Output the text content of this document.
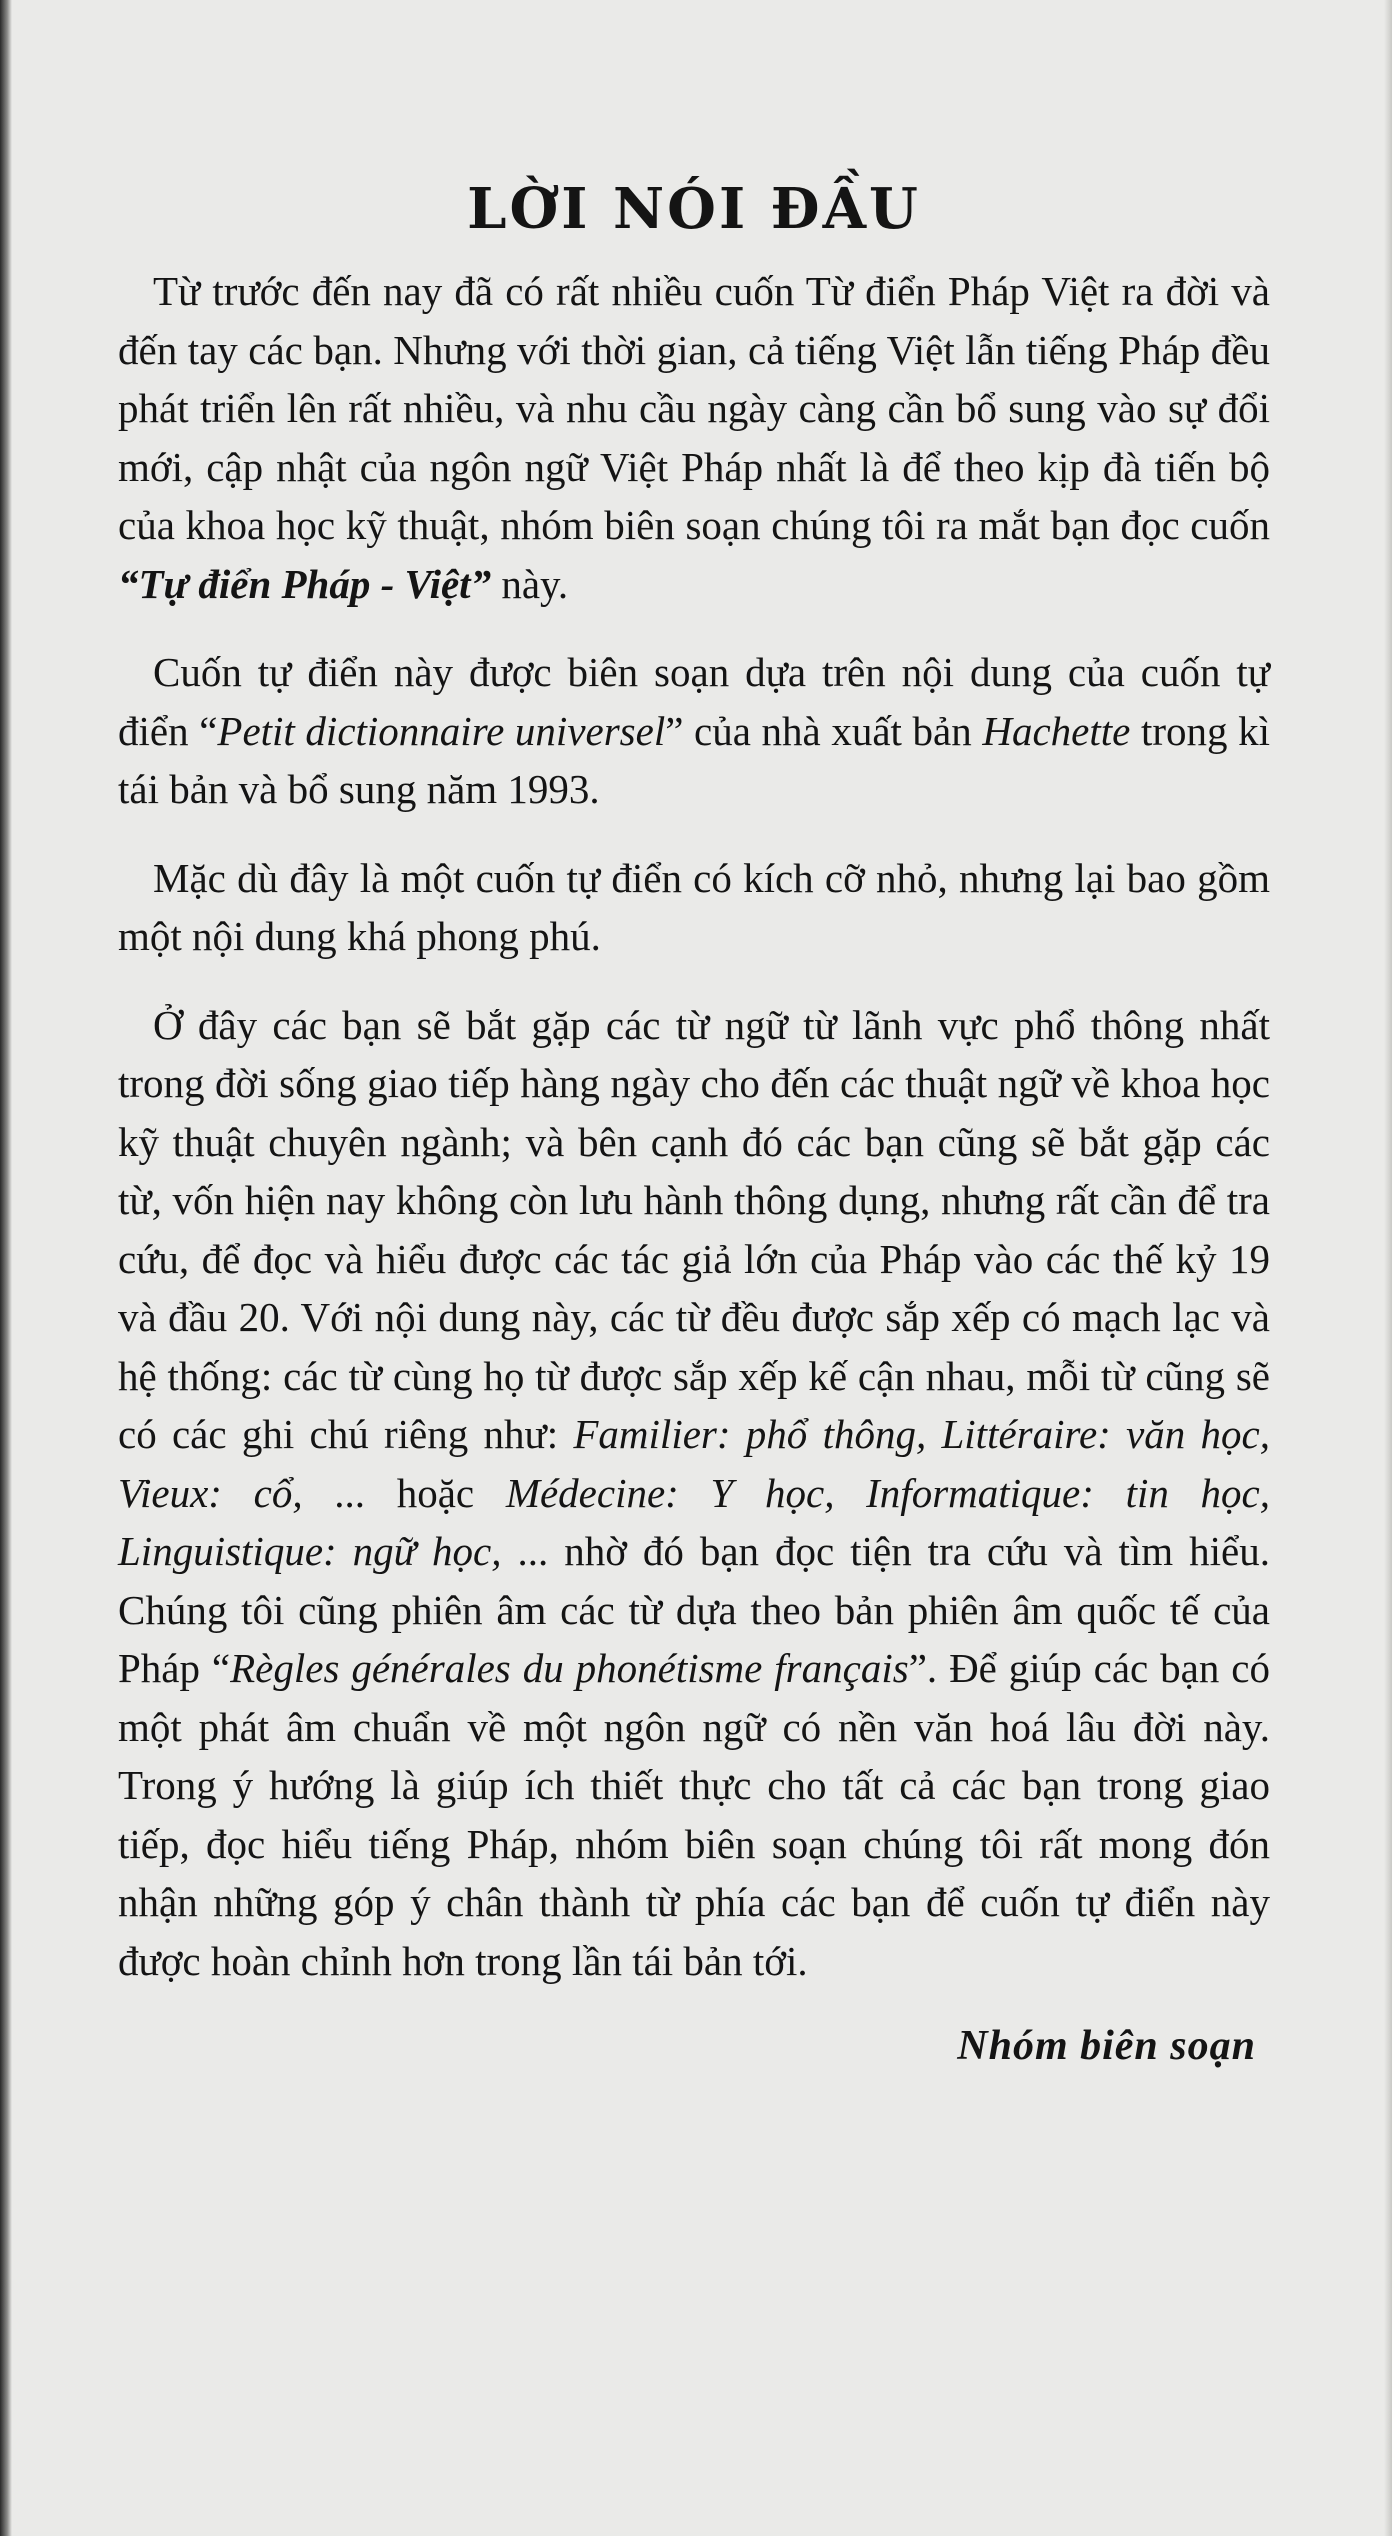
LỜI NÓI ĐẦU

Từ trước đến nay đã có rất nhiều cuốn Từ điển Pháp Việt ra đời và đến tay các bạn. Nhưng với thời gian, cả tiếng Việt lẫn tiếng Pháp đều phát triển lên rất nhiều, và nhu cầu ngày càng cần bổ sung vào sự đổi mới, cập nhật của ngôn ngữ Việt Pháp nhất là để theo kịp đà tiến bộ của khoa học kỹ thuật, nhóm biên soạn chúng tôi ra mắt bạn đọc cuốn “Tự điển Pháp - Việt” này.

Cuốn tự điển này được biên soạn dựa trên nội dung của cuốn tự điển “Petit dictionnaire universel” của nhà xuất bản Hachette trong kì tái bản và bổ sung năm 1993.

Mặc dù đây là một cuốn tự điển có kích cỡ nhỏ, nhưng lại bao gồm một nội dung khá phong phú.

Ở đây các bạn sẽ bắt gặp các từ ngữ từ lãnh vực phổ thông nhất trong đời sống giao tiếp hàng ngày cho đến các thuật ngữ về khoa học kỹ thuật chuyên ngành; và bên cạnh đó các bạn cũng sẽ bắt gặp các từ, vốn hiện nay không còn lưu hành thông dụng, nhưng rất cần để tra cứu, để đọc và hiểu được các tác giả lớn của Pháp vào các thế kỷ 19 và đầu 20. Với nội dung này, các từ đều được sắp xếp có mạch lạc và hệ thống: các từ cùng họ từ được sắp xếp kế cận nhau, mỗi từ cũng sẽ có các ghi chú riêng như: Familier: phổ thông, Littéraire: văn học, Vieux: cổ, ... hoặc Médecine: Y học, Informatique: tin học, Linguistique: ngữ học, ... nhờ đó bạn đọc tiện tra cứu và tìm hiểu. Chúng tôi cũng phiên âm các từ dựa theo bản phiên âm quốc tế của Pháp “Règles générales du phonétisme français”. Để giúp các bạn có một phát âm chuẩn về một ngôn ngữ có nền văn hoá lâu đời này. Trong ý hướng là giúp ích thiết thực cho tất cả các bạn trong giao tiếp, đọc hiểu tiếng Pháp, nhóm biên soạn chúng tôi rất mong đón nhận những góp ý chân thành từ phía các bạn để cuốn tự điển này được hoàn chỉnh hơn trong lần tái bản tới.

Nhóm biên soạn
